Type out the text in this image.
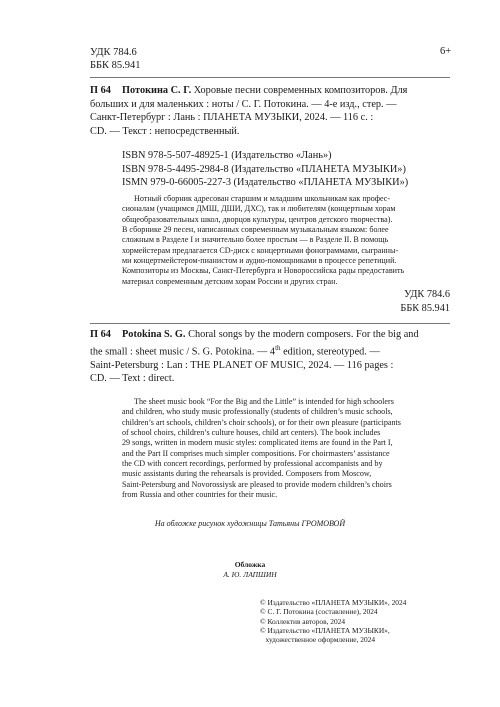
УДК 784.6
ББК 85.941
6+
П 64 Потокина С. Г. Хоровые песни современных композиторов. Для
больших и для маленьких : ноты / С. Г. Потокина. — 4-е изд., стер. —
Санкт-Петербург : Лань : ПЛАНЕТА МУЗЫКИ, 2024. — 116 с. :
CD. — Текст : непосредственный.
ISBN 978-5-507-48925-1 (Издательство «Лань»)
ISBN 978-5-4495-2984-8 (Издательство «ПЛАНЕТА МУЗЫКИ»)
ISMN 979-0-66005-227-3 (Издательство «ПЛАНЕТА МУЗЫКИ»)
Нотный сборник адресован старшим и младшим школьникам как профес-
сионалам (учащимся ДМШ, ДШИ, ДХС), так и любителям (концертным хорам
общеобразовательных школ, дворцов культуры, центров детского творчества).
В сборнике 29 песен, написанных современным музыкальным языком: более
сложным в Разделе I и значительно более простым — в Разделе II. В помощь
хормейстерам предлагается CD-диск с концертными фонограммами, сыгранны-
ми концертмейстером-пианистом и аудио-помощниками в процессе репетиций.
Композиторы из Москвы, Санкт-Петербурга и Новороссийска рады предоставить
материал современным детским хорам России и других стран.
УДК 784.6
ББК 85.941
П 64 Potokina S. G. Choral songs by the modern composers. For the big and
the small : sheet music / S. G. Potokina. — 4th edition, stereotyped. —
Saint-Petersburg : Lan : THE PLANET OF MUSIC, 2024. — 116 pages :
CD. — Text : direct.
The sheet music book “For the Big and the Little” is intended for high schoolers
and children, who study music professionally (students of children’s music schools,
children’s art schools, children’s choir schools), or for their own pleasure (participants
of school choirs, children’s culture houses, child art centers). The book includes
29 songs, written in modern music styles: complicated items are found in the Part I,
and the Part II comprises much simpler compositions. For choirmasters’ assistance
the CD with concert recordings, performed by professional accompanists and by
music assistants during the rehearsals is provided. Composers from Moscow,
Saint-Petersburg and Novorossiysk are pleased to provide modern children’s choirs
from Russia and other countries for their music.
На обложке рисунок художницы Татьяны ГРОМОВОЙ
Обложка
А. Ю. ЛАПШИН
© Издательство «ПЛАНЕТА МУЗЫКИ», 2024
© С. Г. Потокина (составление), 2024
© Коллектив авторов, 2024
© Издательство «ПЛАНЕТА МУЗЫКИ»,
художественное оформление, 2024
